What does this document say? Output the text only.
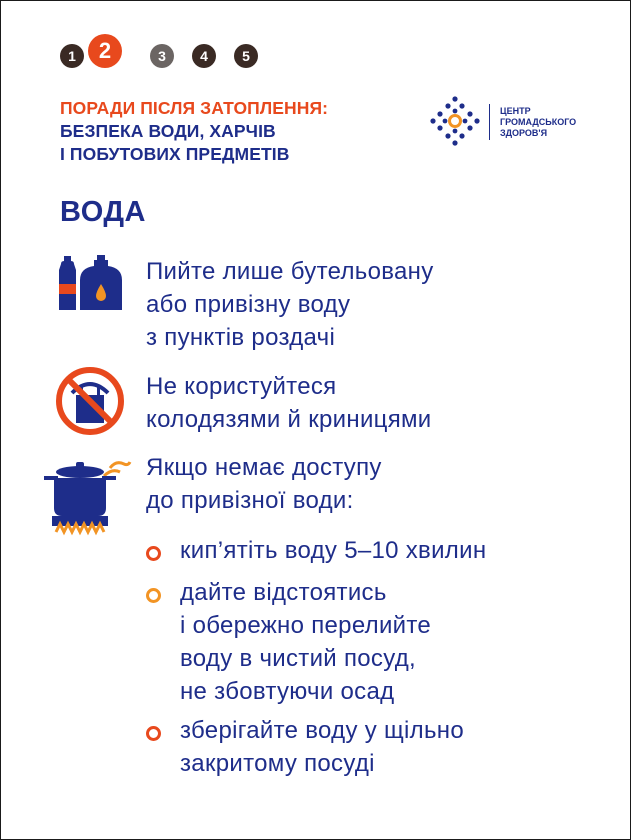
1	2	3	4	5
ПОРАДИ ПІСЛЯ ЗАТОПЛЕННЯ:
БЕЗПЕКА ВОДИ, ХАРЧІВ
І ПОБУТОВИХ ПРЕДМЕТІВ
ЦЕНТР
ГРОМАДСЬКОГО
ЗДОРОВ'Я
ВОДА
Пийте лише бутельовану
або привізну воду
з пунктів роздачі
Не користуйтеся
колодязями й криницями
Якщо немає доступу
до привізної води:
кип’ятіть воду 5–10 хвилин
дайте відстоятись
і обережно перелийте
воду в чистий посуд,
не збовтуючи осад
зберігайте воду у щільно
закритому посуді
